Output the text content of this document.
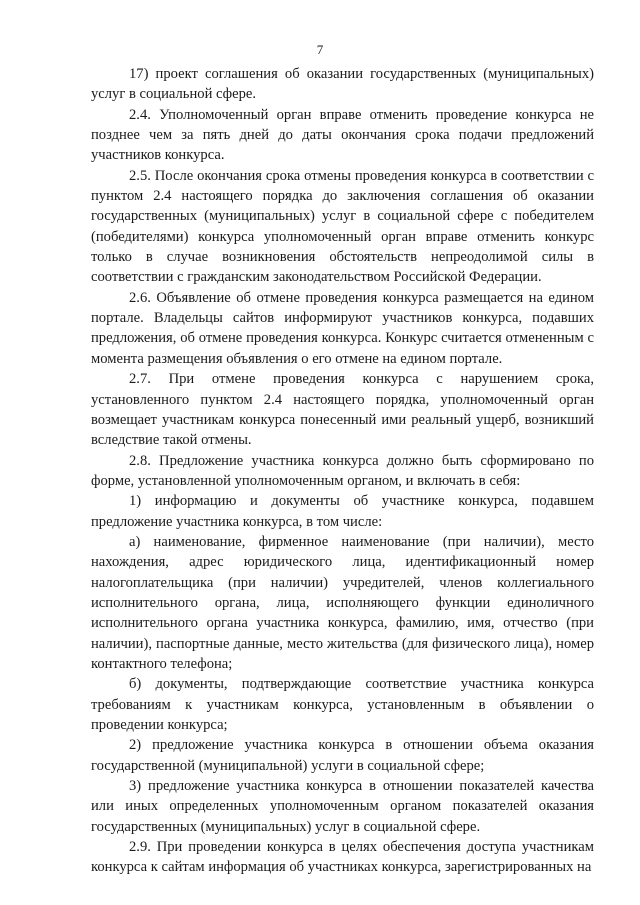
7

17) проект соглашения об оказании государственных (муниципальных) услуг в социальной сфере.

2.4. Уполномоченный орган вправе отменить проведение конкурса не позднее чем за пять дней до даты окончания срока подачи предложений участников конкурса.

2.5. После окончания срока отмены проведения конкурса в соответствии с пунктом 2.4 настоящего порядка до заключения соглашения об оказании государственных (муниципальных) услуг в социальной сфере с победителем (победителями) конкурса уполномоченный орган вправе отменить конкурс только в случае возникновения обстоятельств непреодолимой силы в соответствии с гражданским законодательством Российской Федерации.

2.6. Объявление об отмене проведения конкурса размещается на едином портале. Владельцы сайтов информируют участников конкурса, подавших предложения, об отмене проведения конкурса. Конкурс считается отмененным с момента размещения объявления о его отмене на едином портале.

2.7. При отмене проведения конкурса с нарушением срока, установленного пунктом 2.4 настоящего порядка, уполномоченный орган возмещает участникам конкурса понесенный ими реальный ущерб, возникший вследствие такой отмены.

2.8. Предложение участника конкурса должно быть сформировано по форме, установленной уполномоченным органом, и включать в себя:

1) информацию и документы об участнике конкурса, подавшем предложение участника конкурса, в том числе:

а) наименование, фирменное наименование (при наличии), место нахождения, адрес юридического лица, идентификационный номер налогоплательщика (при наличии) учредителей, членов коллегиального исполнительного органа, лица, исполняющего функции единоличного исполнительного органа участника конкурса, фамилию, имя, отчество (при наличии), паспортные данные, место жительства (для физического лица), номер контактного телефона;

б) документы, подтверждающие соответствие участника конкурса требованиям к участникам конкурса, установленным в объявлении о проведении конкурса;

2) предложение участника конкурса в отношении объема оказания государственной (муниципальной) услуги в социальной сфере;

3) предложение участника конкурса в отношении показателей качества или иных определенных уполномоченным органом показателей оказания государственных (муниципальных) услуг в социальной сфере.

2.9. При проведении конкурса в целях обеспечения доступа участникам конкурса к сайтам информация об участниках конкурса, зарегистрированных на
